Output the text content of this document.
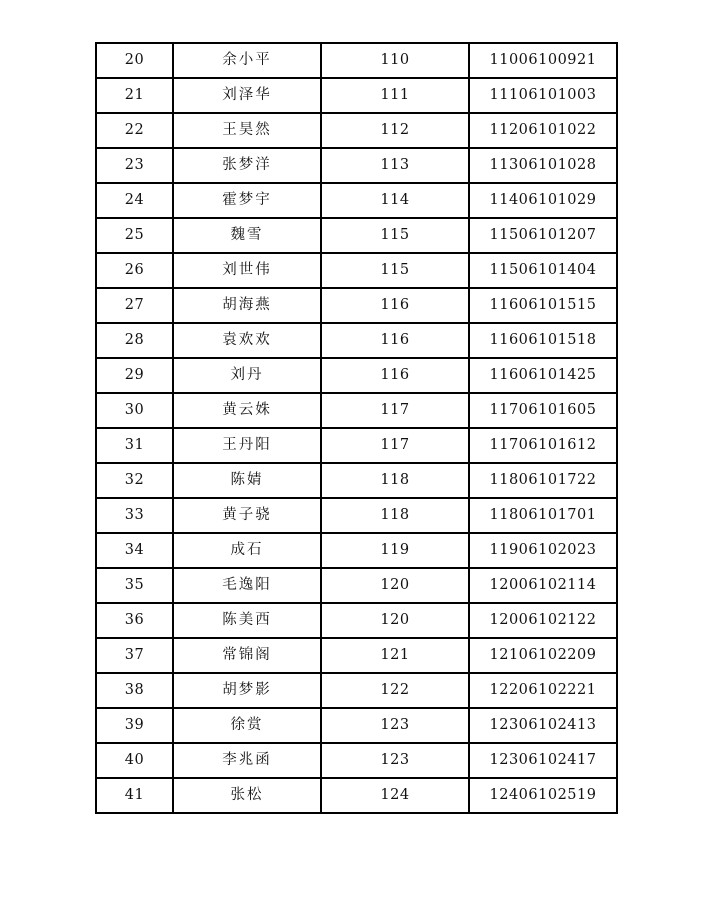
20	余小平	110	11006100921
21	刘泽华	111	11106101003
22	王昊然	112	11206101022
23	张梦洋	113	11306101028
24	霍梦宇	114	11406101029
25	魏雪	115	11506101207
26	刘世伟	115	11506101404
27	胡海燕	116	11606101515
28	袁欢欢	116	11606101518
29	刘丹	116	11606101425
30	黄云姝	117	11706101605
31	王丹阳	117	11706101612
32	陈婧	118	11806101722
33	黄子骁	118	11806101701
34	成石	119	11906102023
35	毛逸阳	120	12006102114
36	陈美西	120	12006102122
37	常锦阁	121	12106102209
38	胡梦影	122	12206102221
39	徐赏	123	12306102413
40	李兆函	123	12306102417
41	张松	124	12406102519
